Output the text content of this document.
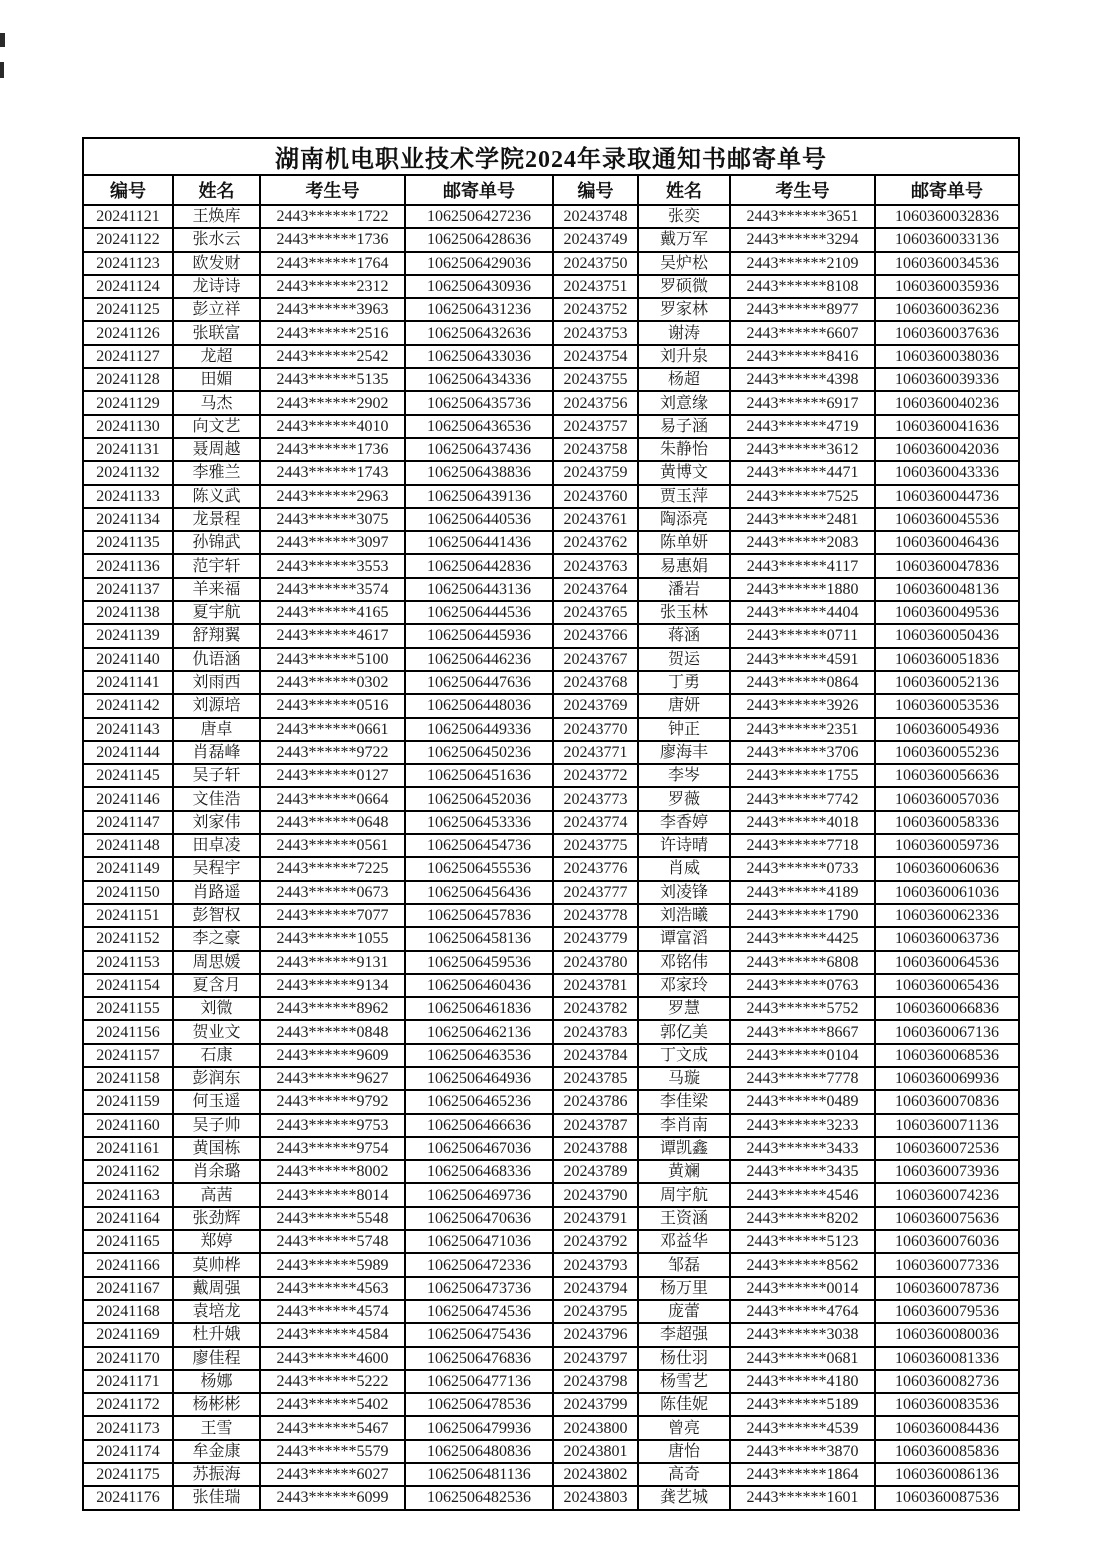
湖南机电职业技术学院2024年录取通知书邮寄单号							
编号	姓名	考生号	邮寄单号	编号	姓名	考生号	邮寄单号
20241121	王焕库	2443******1722	1062506427236	20243748	张奕	2443******3651	1060360032836
20241122	张水云	2443******1736	1062506428636	20243749	戴万军	2443******3294	1060360033136
20241123	欧发财	2443******1764	1062506429036	20243750	吴炉松	2443******2109	1060360034536
20241124	龙诗诗	2443******2312	1062506430936	20243751	罗硕微	2443******8108	1060360035936
20241125	彭立祥	2443******3963	1062506431236	20243752	罗家林	2443******8977	1060360036236
20241126	张联富	2443******2516	1062506432636	20243753	谢涛	2443******6607	1060360037636
20241127	龙超	2443******2542	1062506433036	20243754	刘升泉	2443******8416	1060360038036
20241128	田媚	2443******5135	1062506434336	20243755	杨超	2443******4398	1060360039336
20241129	马杰	2443******2902	1062506435736	20243756	刘意缘	2443******6917	1060360040236
20241130	向文艺	2443******4010	1062506436536	20243757	易子涵	2443******4719	1060360041636
20241131	聂周越	2443******1736	1062506437436	20243758	朱静怡	2443******3612	1060360042036
20241132	李雅兰	2443******1743	1062506438836	20243759	黄博文	2443******4471	1060360043336
20241133	陈义武	2443******2963	1062506439136	20243760	贾玉萍	2443******7525	1060360044736
20241134	龙景程	2443******3075	1062506440536	20243761	陶添亮	2443******2481	1060360045536
20241135	孙锦武	2443******3097	1062506441436	20243762	陈单妍	2443******2083	1060360046436
20241136	范宇轩	2443******3553	1062506442836	20243763	易惠娟	2443******4117	1060360047836
20241137	羊来福	2443******3574	1062506443136	20243764	潘岩	2443******1880	1060360048136
20241138	夏宇航	2443******4165	1062506444536	20243765	张玉林	2443******4404	1060360049536
20241139	舒翔翼	2443******4617	1062506445936	20243766	蒋涵	2443******0711	1060360050436
20241140	仇语涵	2443******5100	1062506446236	20243767	贺运	2443******4591	1060360051836
20241141	刘雨西	2443******0302	1062506447636	20243768	丁勇	2443******0864	1060360052136
20241142	刘源培	2443******0516	1062506448036	20243769	唐妍	2443******3926	1060360053536
20241143	唐卓	2443******0661	1062506449336	20243770	钟正	2443******2351	1060360054936
20241144	肖磊峰	2443******9722	1062506450236	20243771	廖海丰	2443******3706	1060360055236
20241145	吴子轩	2443******0127	1062506451636	20243772	李岑	2443******1755	1060360056636
20241146	文佳浩	2443******0664	1062506452036	20243773	罗薇	2443******7742	1060360057036
20241147	刘家伟	2443******0648	1062506453336	20243774	李香婷	2443******4018	1060360058336
20241148	田卓凌	2443******0561	1062506454736	20243775	许诗晴	2443******7718	1060360059736
20241149	吴程宇	2443******7225	1062506455536	20243776	肖威	2443******0733	1060360060636
20241150	肖路遥	2443******0673	1062506456436	20243777	刘凌锋	2443******4189	1060360061036
20241151	彭智权	2443******7077	1062506457836	20243778	刘浩曦	2443******1790	1060360062336
20241152	李之豪	2443******1055	1062506458136	20243779	谭富滔	2443******4425	1060360063736
20241153	周思媛	2443******9131	1062506459536	20243780	邓铭伟	2443******6808	1060360064536
20241154	夏含月	2443******9134	1062506460436	20243781	邓家玲	2443******0763	1060360065436
20241155	刘微	2443******8962	1062506461836	20243782	罗慧	2443******5752	1060360066836
20241156	贺业文	2443******0848	1062506462136	20243783	郭亿美	2443******8667	1060360067136
20241157	石康	2443******9609	1062506463536	20243784	丁文成	2443******0104	1060360068536
20241158	彭润东	2443******9627	1062506464936	20243785	马璇	2443******7778	1060360069936
20241159	何玉遥	2443******9792	1062506465236	20243786	李佳梁	2443******0489	1060360070836
20241160	吴子帅	2443******9753	1062506466636	20243787	李肖南	2443******3233	1060360071136
20241161	黄国栋	2443******9754	1062506467036	20243788	谭凯鑫	2443******3433	1060360072536
20241162	肖余璐	2443******8002	1062506468336	20243789	黄斓	2443******3435	1060360073936
20241163	高茜	2443******8014	1062506469736	20243790	周宇航	2443******4546	1060360074236
20241164	张劲辉	2443******5548	1062506470636	20243791	王资涵	2443******8202	1060360075636
20241165	郑婷	2443******5748	1062506471036	20243792	邓益华	2443******5123	1060360076036
20241166	莫帅桦	2443******5989	1062506472336	20243793	邹磊	2443******8562	1060360077336
20241167	戴周强	2443******4563	1062506473736	20243794	杨万里	2443******0014	1060360078736
20241168	袁培龙	2443******4574	1062506474536	20243795	庞蕾	2443******4764	1060360079536
20241169	杜升娥	2443******4584	1062506475436	20243796	李超强	2443******3038	1060360080036
20241170	廖佳程	2443******4600	1062506476836	20243797	杨仕羽	2443******0681	1060360081336
20241171	杨娜	2443******5222	1062506477136	20243798	杨雪艺	2443******4180	1060360082736
20241172	杨彬彬	2443******5402	1062506478536	20243799	陈佳妮	2443******5189	1060360083536
20241173	王雪	2443******5467	1062506479936	20243800	曾亮	2443******4539	1060360084436
20241174	牟金康	2443******5579	1062506480836	20243801	唐怡	2443******3870	1060360085836
20241175	苏振海	2443******6027	1062506481136	20243802	高奇	2443******1864	1060360086136
20241176	张佳瑞	2443******6099	1062506482536	20243803	龚艺城	2443******1601	1060360087536
